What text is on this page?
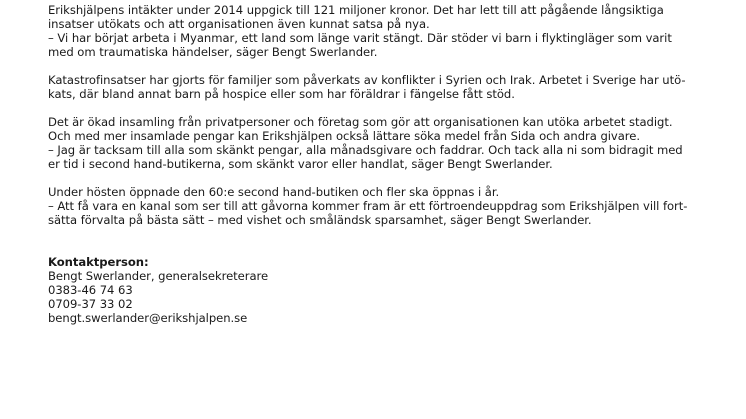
Erikshjälpens intäkter under 2014 uppgick till 121 miljoner kronor. Det har lett till att pågående långsiktiga
insatser utökats och att organisationen även kunnat satsa på nya.
– Vi har börjat arbeta i Myanmar, ett land som länge varit stängt. Där stöder vi barn i flyktingläger som varit
med om traumatiska händelser, säger Bengt Swerlander.
Katastrofinsatser har gjorts för familjer som påverkats av konflikter i Syrien och Irak. Arbetet i Sverige har utö-
kats, där bland annat barn på hospice eller som har föräldrar i fängelse fått stöd.
Det är ökad insamling från privatpersoner och företag som gör att organisationen kan utöka arbetet stadigt.
Och med mer insamlade pengar kan Erikshjälpen också lättare söka medel från Sida och andra givare.
– Jag är tacksam till alla som skänkt pengar, alla månadsgivare och faddrar. Och tack alla ni som bidragit med
er tid i second hand-butikerna, som skänkt varor eller handlat, säger Bengt Swerlander.
Under hösten öppnade den 60:e second hand-butiken och fler ska öppnas i år.
– Att få vara en kanal som ser till att gåvorna kommer fram är ett förtroendeuppdrag som Erikshjälpen vill fort-
sätta förvalta på bästa sätt – med vishet och småländsk sparsamhet, säger Bengt Swerlander.
Kontaktperson:
Bengt Swerlander, generalsekreterare
0383-46 74 63
0709-37 33 02
bengt.swerlander@erikshjalpen.se
